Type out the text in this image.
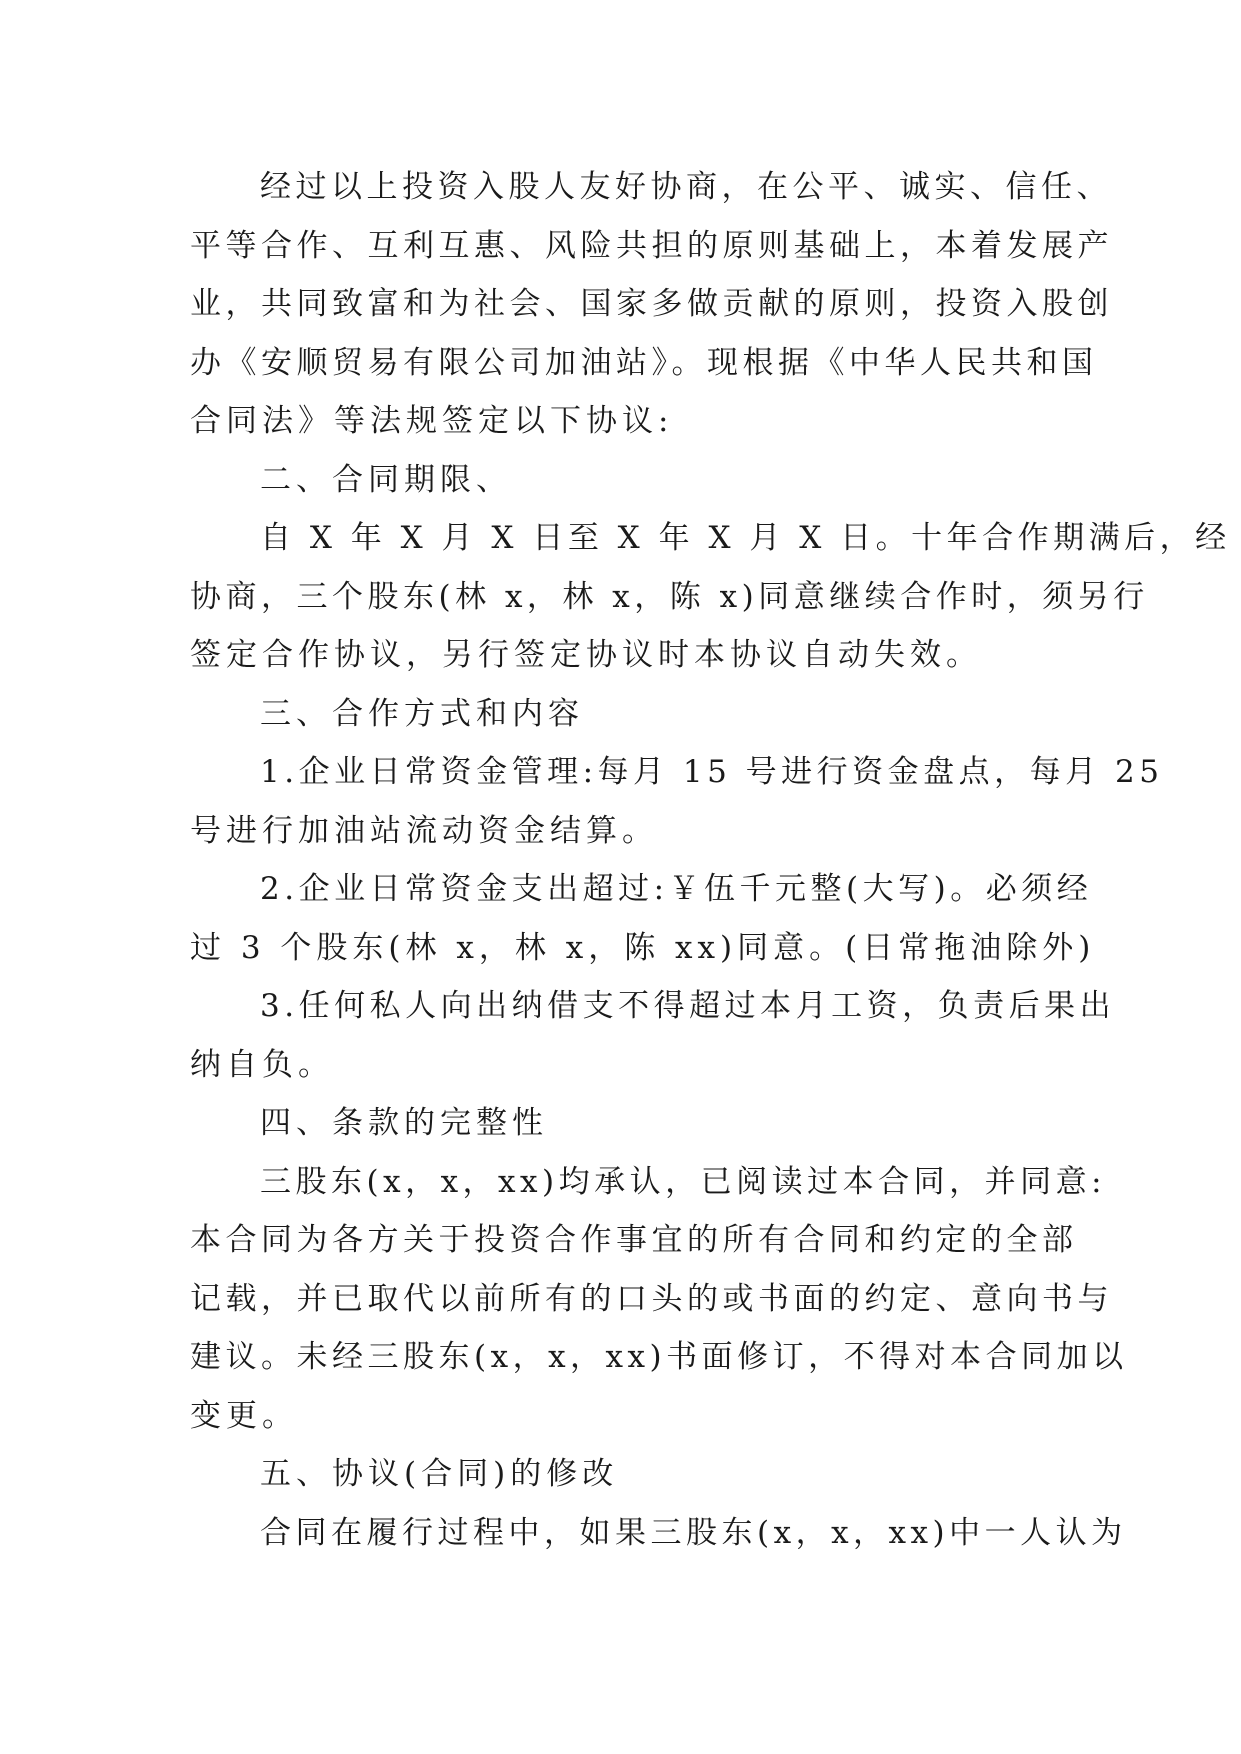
经过以上投资入股人友好协商，在公平、诚实、信任、
平等合作、互利互惠、风险共担的原则基础上，本着发展产
业，共同致富和为社会、国家多做贡献的原则，投资入股创
办《安顺贸易有限公司加油站》。现根据《中华人民共和国
合同法》等法规签定以下协议:
二、合同期限、
自 X 年 X 月 X 日至 X 年 X 月 X 日。十年合作期满后，经
协商，三个股东(林 x，林 x，陈 x)同意继续合作时，须另行
签定合作协议，另行签定协议时本协议自动失效。
三、合作方式和内容
1.企业日常资金管理:每月 15 号进行资金盘点，每月 25
号进行加油站流动资金结算。
2.企业日常资金支出超过:￥伍千元整(大写)。必须经
过 3 个股东(林 x，林 x，陈 xx)同意。(日常拖油除外)
3.任何私人向出纳借支不得超过本月工资，负责后果出
纳自负。
四、条款的完整性
三股东(x，x，xx)均承认，已阅读过本合同，并同意:
本合同为各方关于投资合作事宜的所有合同和约定的全部
记载，并已取代以前所有的口头的或书面的约定、意向书与
建议。未经三股东(x，x，xx)书面修订，不得对本合同加以
变更。
五、协议(合同)的修改
合同在履行过程中，如果三股东(x，x，xx)中一人认为
